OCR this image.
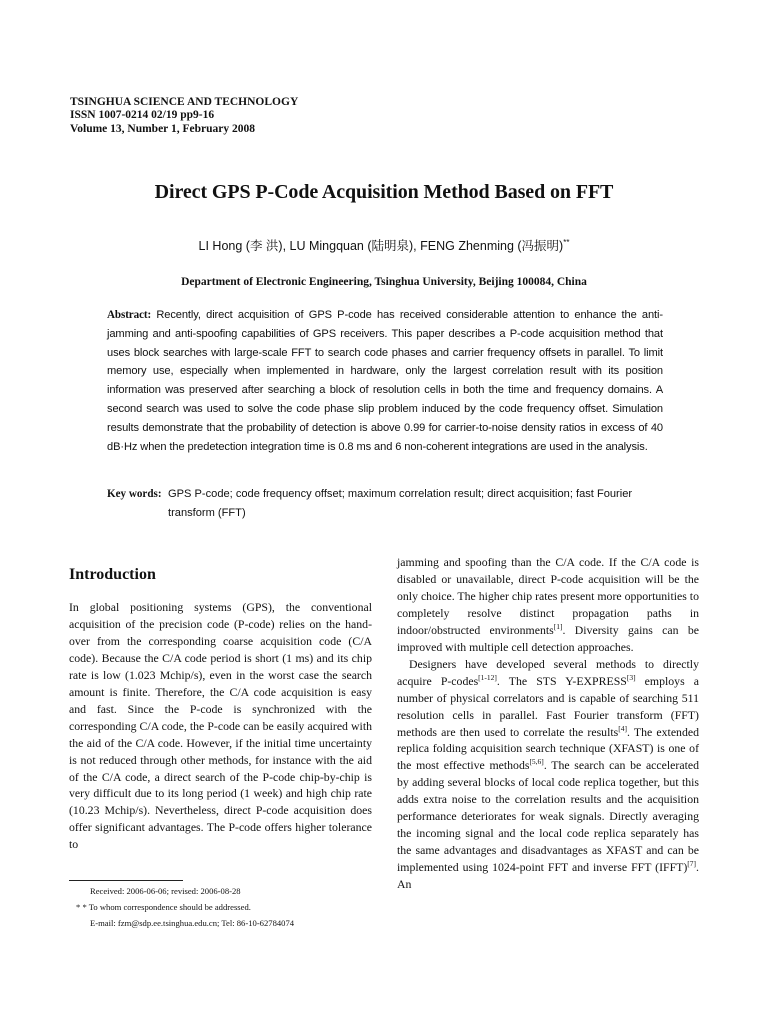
TSINGHUA SCIENCE AND TECHNOLOGY
ISSN 1007-0214 02/19 pp9-16
Volume 13, Number 1, February 2008
Direct GPS P-Code Acquisition Method Based on FFT
LI Hong (李 洪), LU Mingquan (陆明泉), FENG Zhenming (冯振明)**
Department of Electronic Engineering, Tsinghua University, Beijing 100084, China
Abstract: Recently, direct acquisition of GPS P-code has received considerable attention to enhance the anti-jamming and anti-spoofing capabilities of GPS receivers. This paper describes a P-code acquisition method that uses block searches with large-scale FFT to search code phases and carrier frequency offsets in parallel. To limit memory use, especially when implemented in hardware, only the largest correlation result with its position information was preserved after searching a block of resolution cells in both the time and frequency domains. A second search was used to solve the code phase slip problem induced by the code frequency offset. Simulation results demonstrate that the probability of detection is above 0.99 for carrier-to-noise density ratios in excess of 40 dB·Hz when the predetection integration time is 0.8 ms and 6 non-coherent integrations are used in the analysis.
Key words: GPS P-code; code frequency offset; maximum correlation result; direct acquisition; fast Fourier transform (FFT)
Introduction

In global positioning systems (GPS), the conventional acquisition of the precision code (P-code) relies on the hand-over from the corresponding coarse acquisition code (C/A code). Because the C/A code period is short (1 ms) and its chip rate is low (1.023 Mchip/s), even in the worst case the search amount is finite. Therefore, the C/A code acquisition is easy and fast. Since the P-code is synchronized with the corresponding C/A code, the P-code can be easily acquired with the aid of the C/A code. However, if the initial time uncertainty is not reduced through other methods, for instance with the aid of the C/A code, a direct search of the P-code chip-by-chip is very difficult due to its long period (1 week) and high chip rate (10.23 Mchip/s). Nevertheless, direct P-code acquisition does offer significant advantages. The P-code offers higher tolerance to

jamming and spoofing than the C/A code. If the C/A code is disabled or unavailable, direct P-code acquisition will be the only choice. The higher chip rates present more opportunities to completely resolve distinct propagation paths in indoor/obstructed environments[1]. Diversity gains can be improved with multiple cell detection approaches.

Designers have developed several methods to directly acquire P-codes[1-12]. The STS Y-EXPRESS[3] employs a number of physical correlators and is capable of searching 511 resolution cells in parallel. Fast Fourier transform (FFT) methods are then used to correlate the results[4]. The extended replica folding acquisition search technique (XFAST) is one of the most effective methods[5,6]. The search can be accelerated by adding several blocks of local code replica together, but this adds extra noise to the correlation results and the acquisition performance deteriorates for weak signals. Directly averaging the incoming signal and the local code replica separately has the same advantages and disadvantages as XFAST and can be implemented using 1024-point FFT and inverse FFT (IFFT)[7]. An

Received: 2006-06-06; revised: 2006-08-28
* * To whom correspondence should be addressed.
E-mail: fzm@sdp.ee.tsinghua.edu.cn; Tel: 86-10-62784074
